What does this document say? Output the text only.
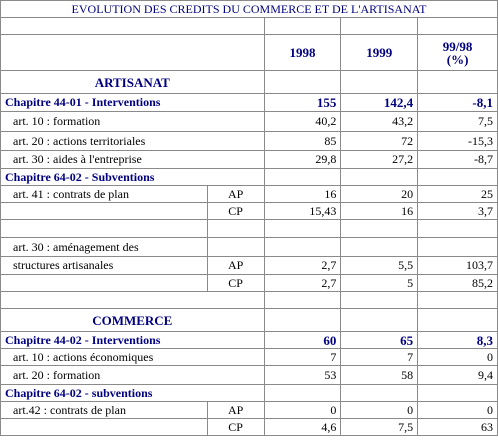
EVOLUTION DES CREDITS DU COMMERCE ET DE L'ARTISANAT				

		1998	1999	99/98
(%)

ARTISANAT				
Chapitre 44-01 - Interventions		155	142,4	-8,1
art. 10 : formation		40,2	43,2	7,5
art. 20 : actions territoriales		85	72	-15,3
art. 30 : aides à l'entreprise		29,8	27,2	-8,7
Chapitre 64-02 - Subventions				
art. 41 : contrats de plan	AP	16	20	25
	CP	15,43	16	3,7

art. 30 : aménagement des				
structures artisanales	AP	2,7	5,5	103,7
	CP	2,7	5	85,2

COMMERCE				
Chapitre 44-02 - Interventions		60	65	8,3
art. 10 : actions économiques		7	7	0
art. 20 : formation		53	58	9,4
Chapitre 64-02 - subventions				
art.42 : contrats de plan	AP	0	0	0
	CP	4,6	7,5	63
